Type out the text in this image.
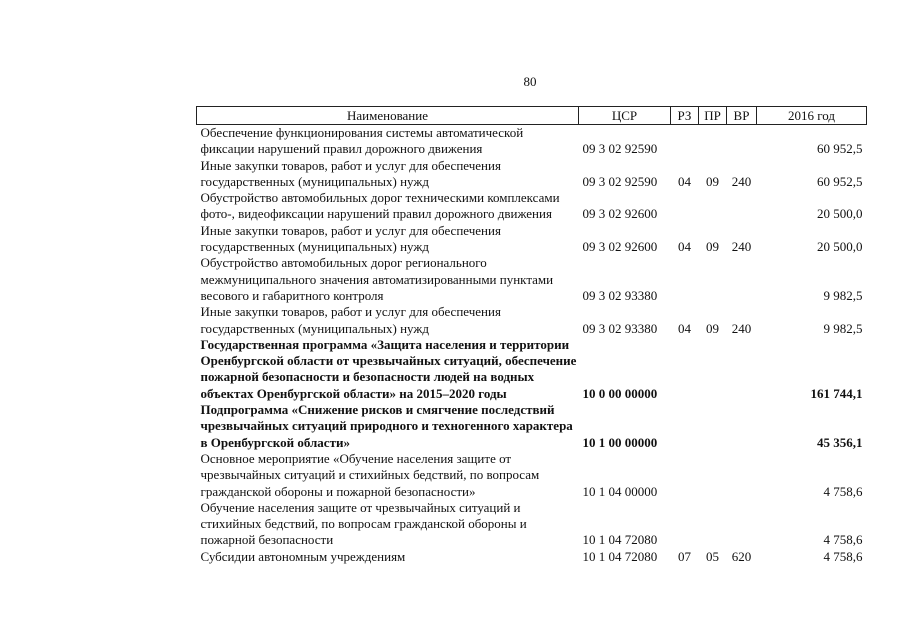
80
Наименование	ЦСР	РЗ	ПР	ВР	2016 год
Обеспечение функционирования системы автоматической фиксации нарушений правил дорожного движения	09 3 02 92590				60 952,5
Иные закупки товаров, работ и услуг для обеспечения государственных (муниципальных) нужд	09 3 02 92590	04	09	240	60 952,5
Обустройство автомобильных дорог техническими комплексами фото-, видеофиксации нарушений правил дорожного движения	09 3 02 92600				20 500,0
Иные закупки товаров, работ и услуг для обеспечения государственных (муниципальных) нужд	09 3 02 92600	04	09	240	20 500,0
Обустройство автомобильных дорог регионального межмуниципального значения автоматизированными пунктами весового и габаритного контроля	09 3 02 93380				9 982,5
Иные закупки товаров, работ и услуг для обеспечения государственных (муниципальных) нужд	09 3 02 93380	04	09	240	9 982,5
Государственная программа «Защита населения и территории Оренбургской области от чрезвычайных ситуаций, обеспечение пожарной безопасности и безопасности людей на водных объектах Оренбургской области» на 2015–2020 годы	10 0 00 00000				161 744,1
Подпрограмма «Снижение рисков и смягчение последствий чрезвычайных ситуаций природного и техногенного характера в Оренбургской области»	10 1 00 00000				45 356,1
Основное мероприятие «Обучение населения защите от чрезвычайных ситуаций и стихийных бедствий, по вопросам гражданской обороны и пожарной безопасности»	10 1 04 00000				4 758,6
Обучение населения защите от чрезвычайных ситуаций и стихийных бедствий, по вопросам гражданской обороны и пожарной безопасности	10 1 04 72080				4 758,6
Субсидии автономным учреждениям	10 1 04 72080	07	05	620	4 758,6
